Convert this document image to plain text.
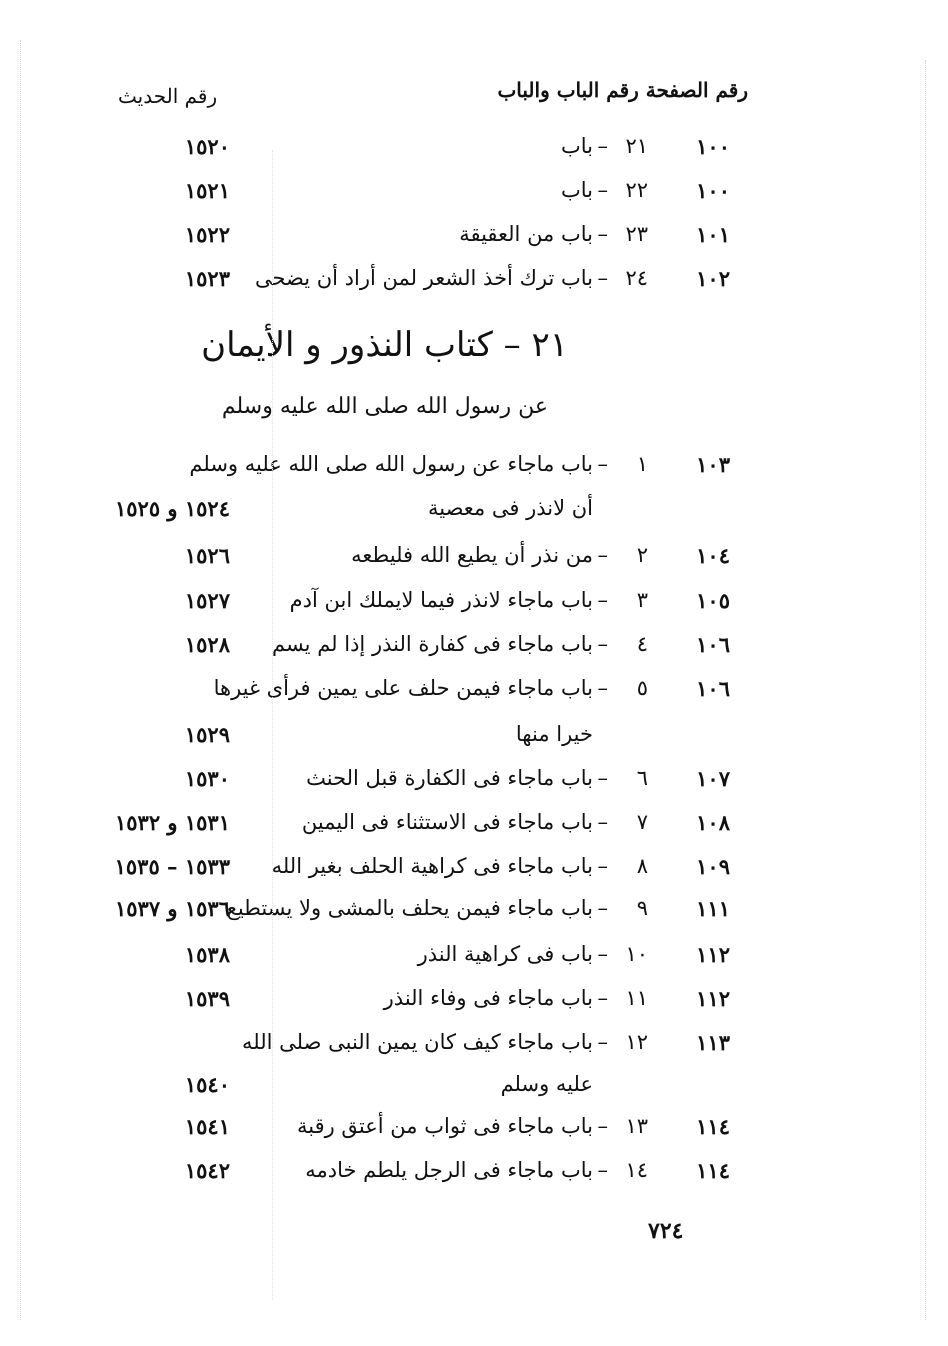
رقم الصفحة رقم الباب والباب
رقم الحديث
١٠٠
٢١
–
باب
١٥٢٠
١٠٠
٢٢
–
باب
١٥٢١
١٠١
٢٣
–
باب من العقيقة
١٥٢٢
١٠٢
٢٤
–
باب ترك أخذ الشعر لمن أراد أن يضحى
١٥٢٣
٢١ – كتاب النذور و الأيمان
عن رسول الله صلى الله عليه وسلم
١٠٣
١
–
باب ماجاء عن رسول الله صلى الله عليه وسلم
أن لانذر فى معصية
١٥٢٤ و ١٥٢٥
١٠٤
٢
–
من نذر أن يطيع الله فليطعه
١٥٢٦
١٠٥
٣
–
باب ماجاء لانذر فيما لايملك ابن آدم
١٥٢٧
١٠٦
٤
–
باب ماجاء فى كفارة النذر إذا لم يسم
١٥٢٨
١٠٦
٥
–
باب ماجاء فيمن حلف على يمين فرأى غيرها
خيرا منها
١٥٢٩
١٠٧
٦
–
باب ماجاء فى الكفارة قبل الحنث
١٥٣٠
١٠٨
٧
–
باب ماجاء فى الاستثناء فى اليمين
١٥٣١ و ١٥٣٢
١٠٩
٨
–
باب ماجاء فى كراهية الحلف بغير الله
١٥٣٣ – ١٥٣٥
١١١
٩
–
باب ماجاء فيمن يحلف بالمشى ولا يستطيع
١٥٣٦ و ١٥٣٧
١١٢
١٠
–
باب فى كراهية النذر
١٥٣٨
١١٢
١١
–
باب ماجاء فى وفاء النذر
١٥٣٩
١١٣
١٢
–
باب ماجاء كيف كان يمين النبى صلى الله
عليه وسلم
١٥٤٠
١١٤
١٣
–
باب ماجاء فى ثواب من أعتق رقبة
١٥٤١
١١٤
١٤
–
باب ماجاء فى الرجل يلطم خادمه
١٥٤٢
٧٢٤
